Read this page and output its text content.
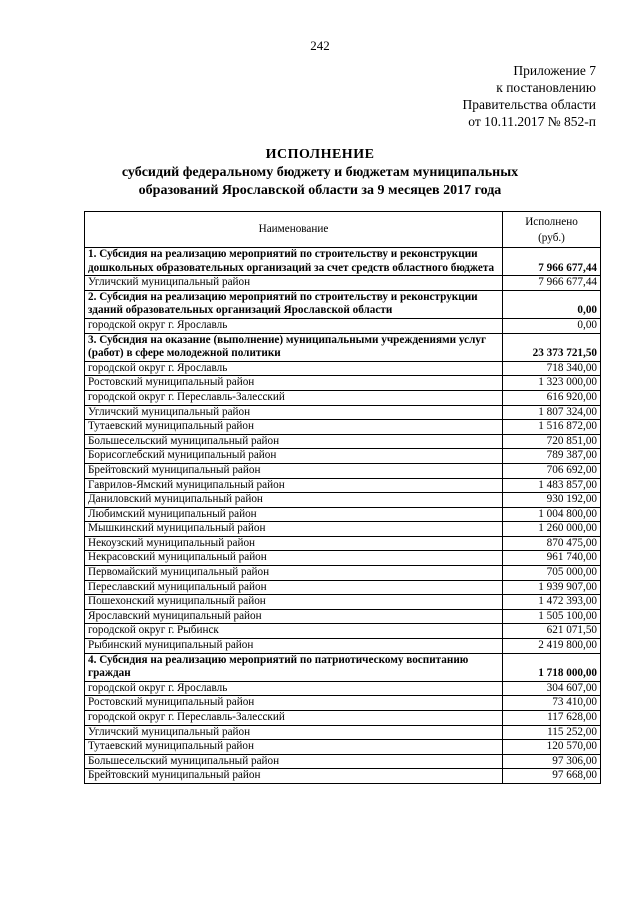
242
Приложение 7
к постановлению
Правительства области
от 10.11.2017 № 852-п
ИСПОЛНЕНИЕ
субсидий федеральному бюджету и бюджетам муниципальных
образований Ярославской области за 9 месяцев 2017 года
Наименование	Исполнено
(руб.)
1. Субсидия на реализацию мероприятий по строительству и реконструкции дошкольных образовательных организаций за счет средств областного бюджета	7 966 677,44
Угличский муниципальный район	7 966 677,44
2. Субсидия на реализацию мероприятий по строительству и реконструкции зданий образовательных организаций Ярославской области	0,00
городской округ г. Ярославль	0,00
3. Субсидия на оказание (выполнение) муниципальными учреждениями услуг (работ) в сфере молодежной политики	23 373 721,50
городской округ г. Ярославль	718 340,00
Ростовский муниципальный район	1 323 000,00
городской округ г. Переславль-Залесский	616 920,00
Угличский муниципальный район	1 807 324,00
Тутаевский муниципальный район	1 516 872,00
Большесельский муниципальный район	720 851,00
Борисоглебский муниципальный район	789 387,00
Брейтовский муниципальный район	706 692,00
Гаврилов-Ямский муниципальный район	1 483 857,00
Даниловский муниципальный район	930 192,00
Любимский муниципальный район	1 004 800,00
Мышкинский муниципальный район	1 260 000,00
Некоузский муниципальный район	870 475,00
Некрасовский муниципальный район	961 740,00
Первомайский муниципальный район	705 000,00
Переславский муниципальный район	1 939 907,00
Пошехонский муниципальный район	1 472 393,00
Ярославский муниципальный район	1 505 100,00
городской округ г. Рыбинск	621 071,50
Рыбинский муниципальный район	2 419 800,00
4. Субсидия на реализацию мероприятий по патриотическому воспитанию граждан	1 718 000,00
городской округ г. Ярославль	304 607,00
Ростовский муниципальный район	73 410,00
городской округ г. Переславль-Залесский	117 628,00
Угличский муниципальный район	115 252,00
Тутаевский муниципальный район	120 570,00
Большесельский муниципальный район	97 306,00
Брейтовский муниципальный район	97 668,00
